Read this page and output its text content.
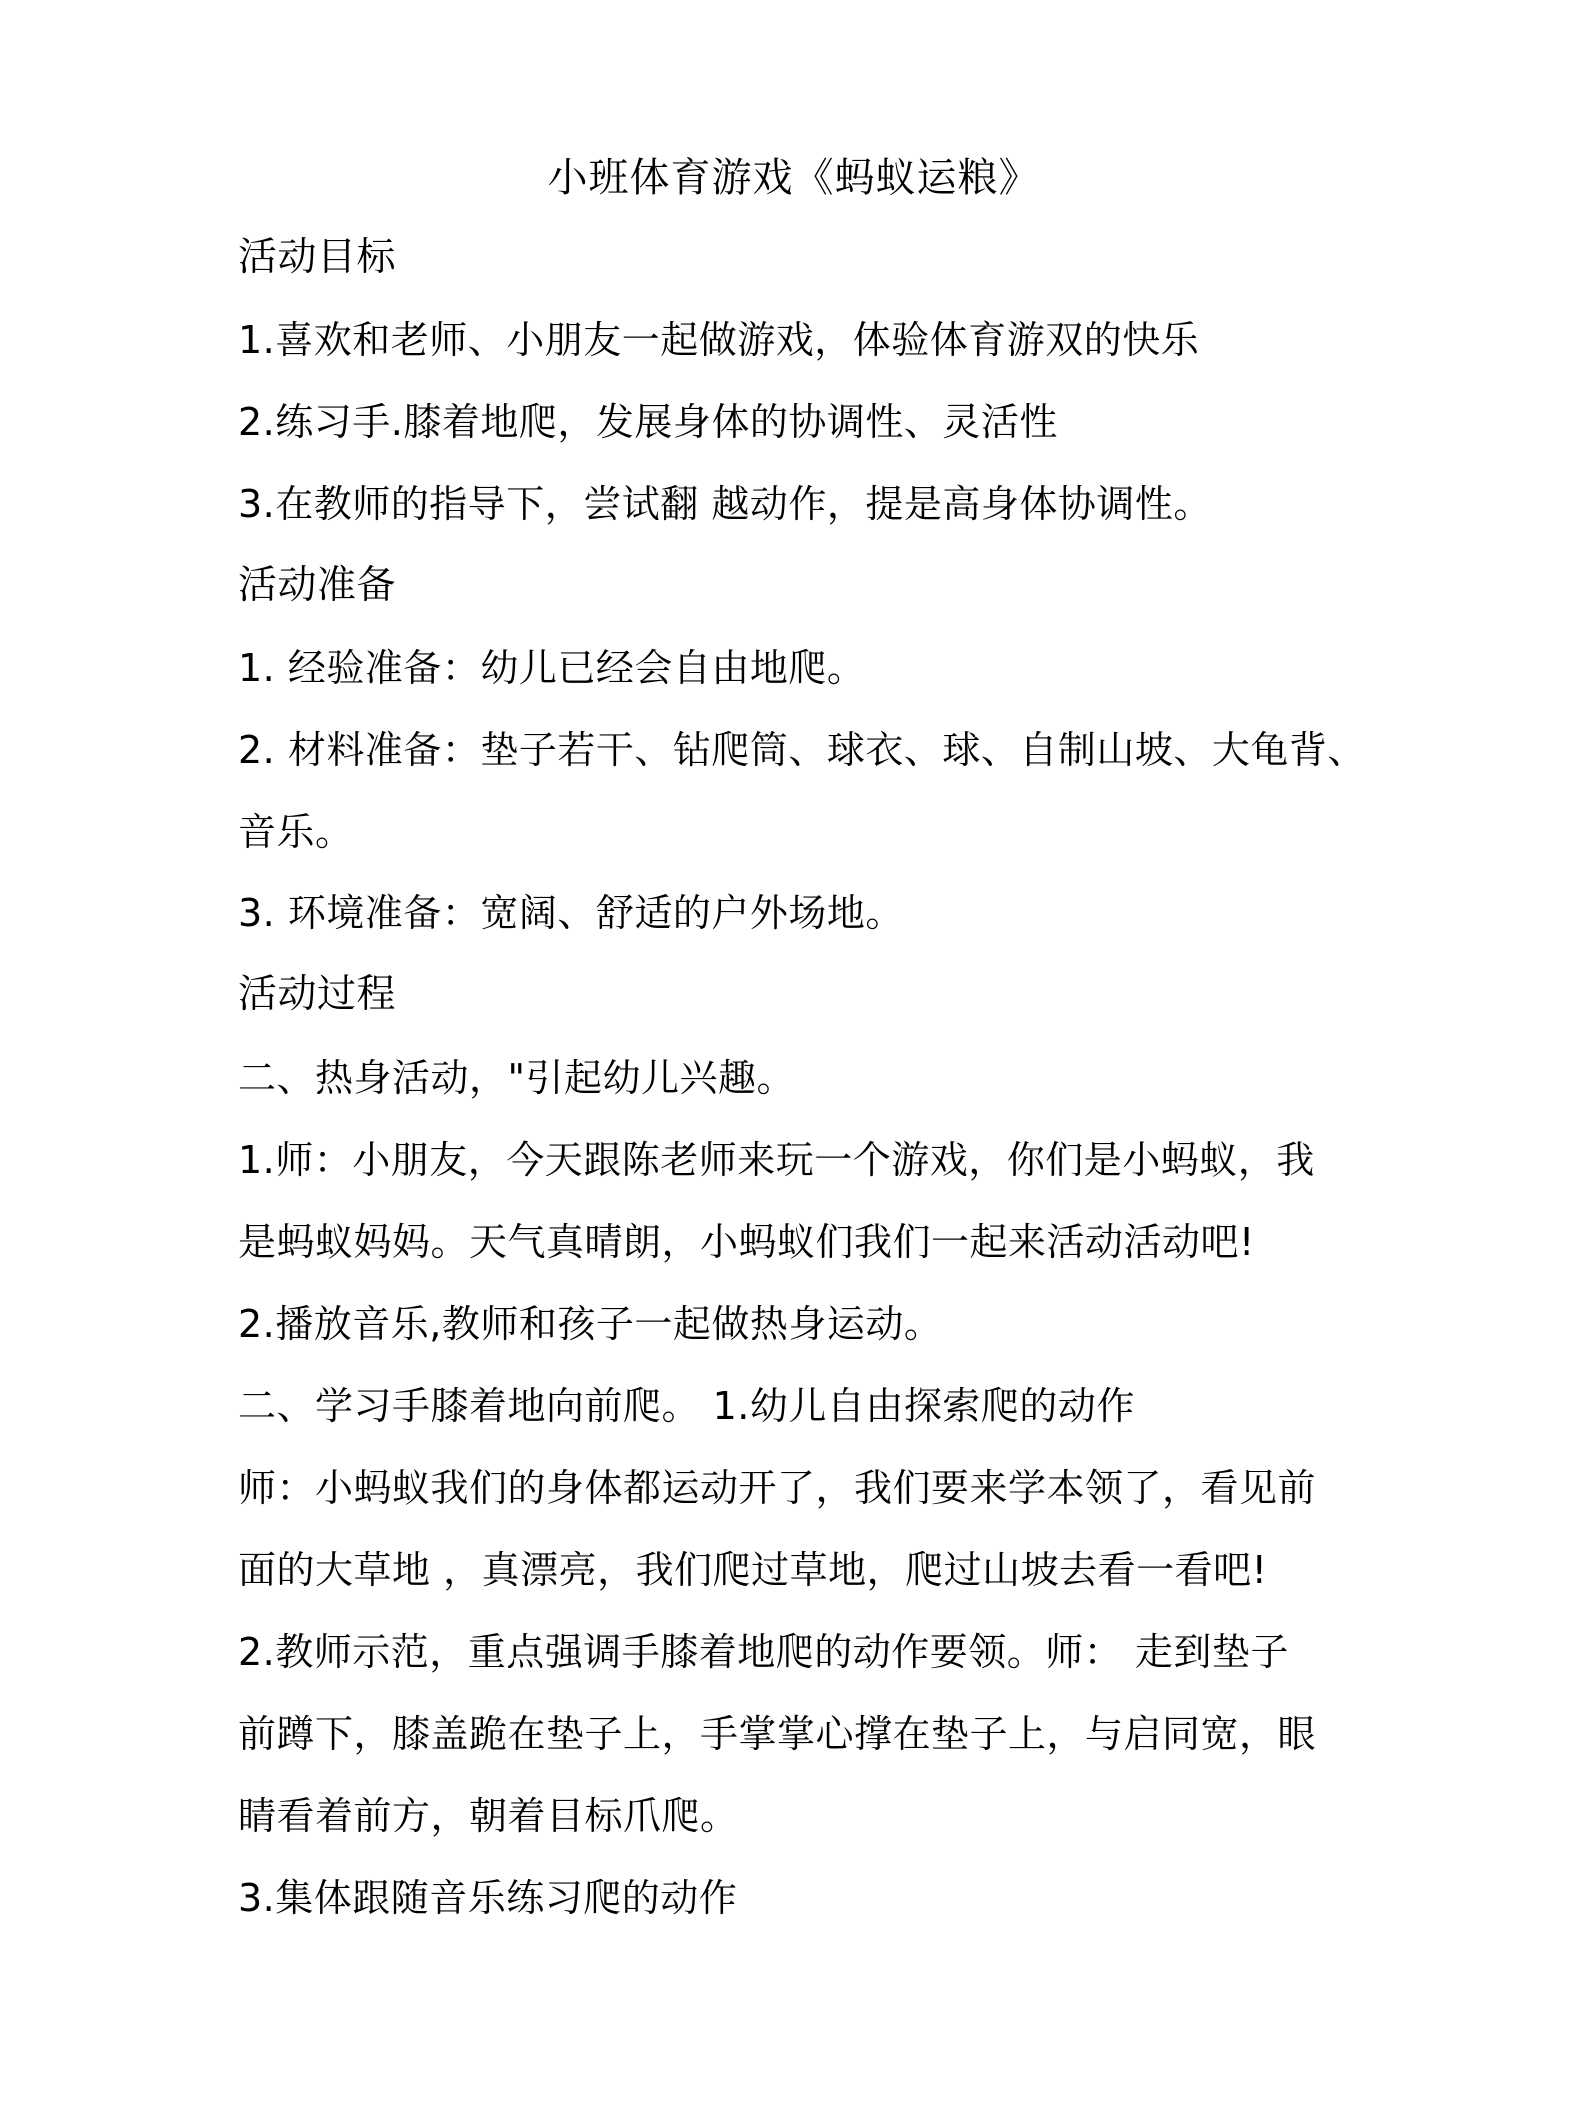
小班体育游戏《蚂蚁运粮》
活动目标
1.喜欢和老师、小朋友一起做游戏，体验体育游双的快乐
2.练习手.膝着地爬，发展身体的协调性、灵活性
3.在教师的指导下，尝试翻 越动作，提是高身体协调性。
活动准备
1. 经验准备：幼儿已经会自由地爬。
2. 材料准备：垫子若干、钻爬筒、球衣、球、自制山坡、大龟背、
音乐。
3. 环境准备：宽阔、舒适的户外场地。
活动过程
二、热身活动，"引起幼儿兴趣。
1.师：小朋友，今天跟陈老师来玩一个游戏，你们是小蚂蚁，我
是蚂蚁妈妈。天气真晴朗，小蚂蚁们我们一起来活动活动吧!
2.播放音乐,教师和孩子一起做热身运动。
二、学习手膝着地向前爬。 1.幼儿自由探索爬的动作
师：小蚂蚁我们的身体都运动开了，我们要来学本领了，看见前
面的大草地 ，真漂亮，我们爬过草地，爬过山坡去看一看吧!
2.教师示范，重点强调手膝着地爬的动作要领。师： 走到垫子
前蹲下，膝盖跪在垫子上，手掌掌心撑在垫子上，与启同宽，眼
睛看着前方，朝着目标爪爬。
3.集体跟随音乐练习爬的动作
